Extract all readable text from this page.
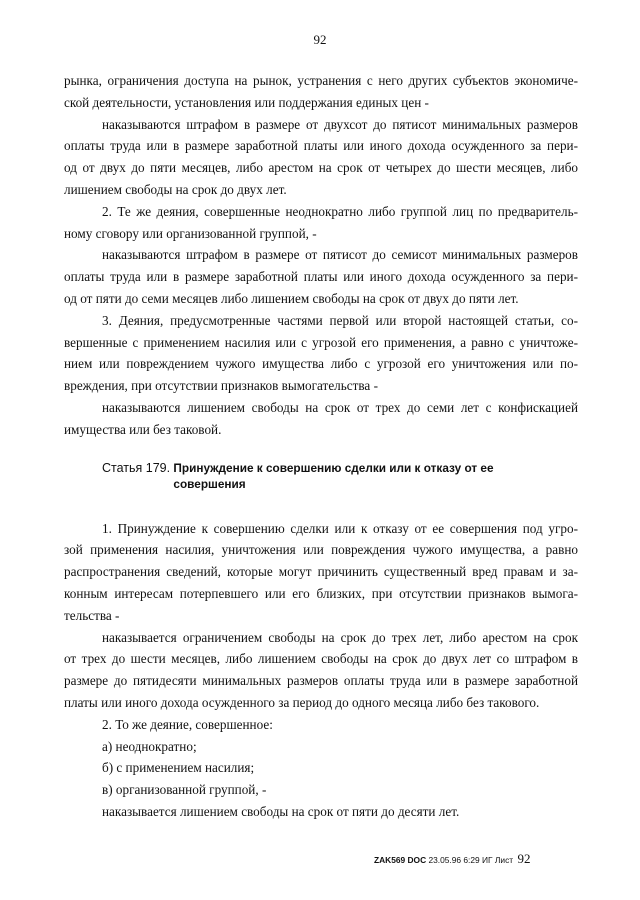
92
рынка, ограничения доступа на рынок, устранения с него других субъектов экономиче-
ской деятельности, установления или поддержания единых цен -
наказываются штрафом в размере от двухсот до пятисот минимальных размеров
оплаты труда или в размере заработной платы или иного дохода осужденного за пери-
од от двух до пяти месяцев, либо арестом на срок от четырех до шести месяцев, либо
лишением свободы на срок до двух лет.
2. Те же деяния, совершенные неоднократно либо группой лиц по предваритель-
ному сговору или организованной группой, -
наказываются штрафом в размере от пятисот до семисот минимальных размеров
оплаты труда или в размере заработной платы или иного дохода осужденного за пери-
од от пяти до семи месяцев либо лишением свободы на срок от двух до пяти лет.
3. Деяния, предусмотренные частями первой или второй настоящей статьи, со-
вершенные с применением насилия или с угрозой его применения, а равно с уничтоже-
нием или повреждением чужого имущества либо с угрозой его уничтожения или по-
вреждения, при отсутствии признаков вымогательства -
наказываются лишением свободы на срок от трех до семи лет с конфискацией
имущества или без таковой.
Статья 179. Принуждение к совершению сделки или к отказу от ее совершения
1. Принуждение к совершению сделки или к отказу от ее совершения под угро-
зой применения насилия, уничтожения или повреждения чужого имущества, а равно
распространения сведений, которые могут причинить существенный вред правам и за-
конным интересам потерпевшего или его близких, при отсутствии признаков вымога-
тельства -
наказывается ограничением свободы на срок до трех лет, либо арестом на срок
от трех до шести месяцев, либо лишением свободы на срок до двух лет со штрафом в
размере до пятидесяти минимальных размеров оплаты труда или в размере заработной
платы или иного дохода осужденного за период до одного месяца либо без такового.
2. То же деяние, совершенное:
а) неоднократно;
б) с применением насилия;
в) организованной группой, -
наказывается лишением свободы на срок от пяти до десяти лет.
ZAK569 DOC 23.05.96 6:29 ИГ Лист 92
